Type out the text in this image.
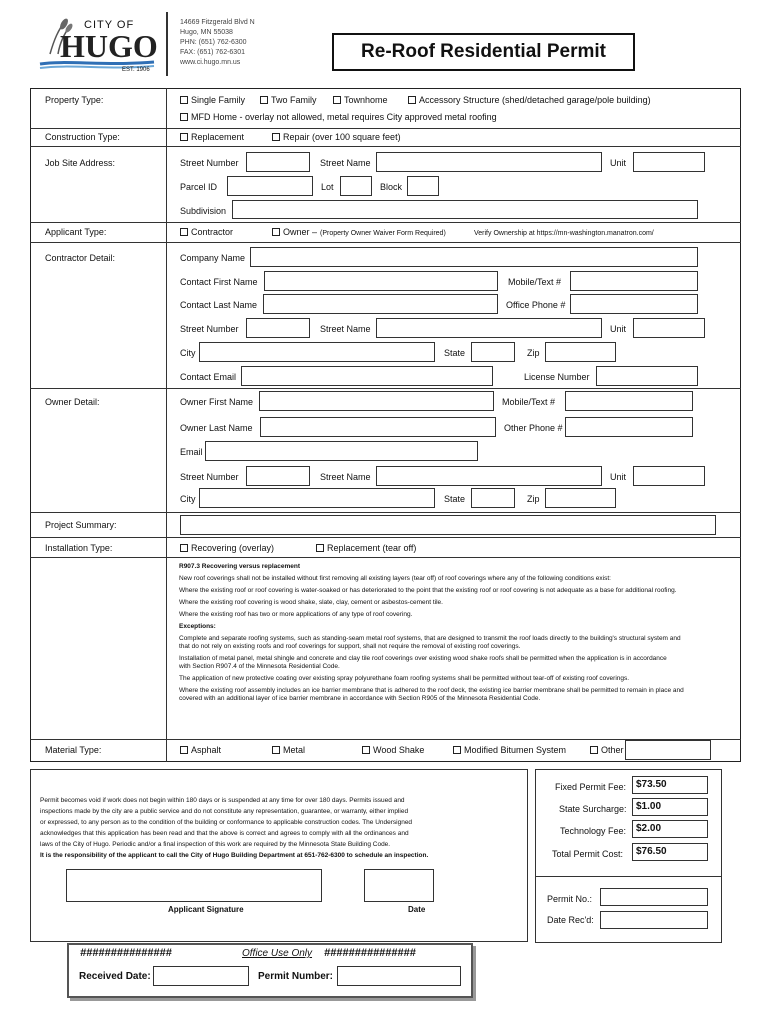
CITY OF
HUGO
EST. 1906
14669 Fitzgerald Blvd N
Hugo, MN 55038
PHN: (651) 762-6300
FAX: (651) 762-6301
www.ci.hugo.mn.us
Re-Roof Residential Permit
Property Type:	Single Family	Two Family	Townhome	Accessory Structure (shed/detached garage/pole building)
MFD Home - overlay not allowed, metal requires City approved metal roofing
Construction Type:	Replacement	Repair (over 100 square feet)
Job Site Address:	Street Number	Street Name	Unit
Parcel ID	Lot	Block
Subdivision
Applicant Type:	Contractor	Owner – (Property Owner Waiver Form Required)	Verify Ownership at https://mn-washington.manatron.com/
Contractor Detail:	Company Name
Contact First Name	Mobile/Text #
Contact Last Name	Office Phone #
Street Number	Street Name	Unit
City	State	Zip
Contact Email	License Number
Owner Detail:	Owner First Name	Mobile/Text #
Owner Last Name	Other Phone #
Email
Street Number	Street Name	Unit
City	State	Zip
Project Summary:
Installation Type:	Recovering (overlay)	Replacement (tear off)
R907.3 Recovering versus replacement
New roof coverings shall not be installed without first removing all existing layers (tear off) of roof coverings where any of the following conditions exist:
Where the existing roof or roof covering is water-soaked or has deteriorated to the point that the existing roof or roof covering is not adequate as a base for additional roofing.
Where the existing roof covering is wood shake, slate, clay, cement or asbestos-cement tile.
Where the existing roof has two or more applications of any type of roof covering.
Exceptions:
Complete and separate roofing systems, such as standing-seam metal roof systems, that are designed to transmit the roof loads directly to the building's structural system and
that do not rely on existing roofs and roof coverings for support, shall not require the removal of existing roof coverings.
Installation of metal panel, metal shingle and concrete and clay tile roof coverings over existing wood shake roofs shall be permitted when the application is in accordance
with Section R907.4 of the Minnesota Residential Code.
The application of new protective coating over existing spray polyurethane foam roofing systems shall be permitted without tear-off of existing roof coverings.
Where the existing roof assembly includes an ice barrier membrane that is adhered to the roof deck, the existing ice barrier membrane shall be permitted to remain in place and
covered with an additional layer of ice barrier membrane in accordance with Section R905 of the Minnesota Residential Code.
Material Type:	Asphalt	Metal	Wood Shake	Modified Bitumen System	Other
Permit becomes void if work does not begin within 180 days or is suspended at any time for over 180 days. Permits issued and
inspections made by the city are a public service and do not constitute any representation, guarantee, or warranty, either implied
or expressed, to any person as to the condition of the building or conformance to applicable construction codes. The Undersigned
acknowledges that this application has been read and that the above is correct and agrees to comply with all the ordinances and
laws of the City of Hugo. Periodic and/or a final inspection of this work are required by the Minnesota State Building Code.
It is the responsibility of the applicant to call the City of Hugo Building Department at 651-762-6300 to schedule an inspection.
Applicant Signature	Date
Fixed Permit Fee: $73.50
State Surcharge: $1.00
Technology Fee: $2.00
Total Permit Cost:	$76.50
Permit No.:
Date Rec'd:
###############	Office Use Only ###############
Received Date:	Permit Number:
